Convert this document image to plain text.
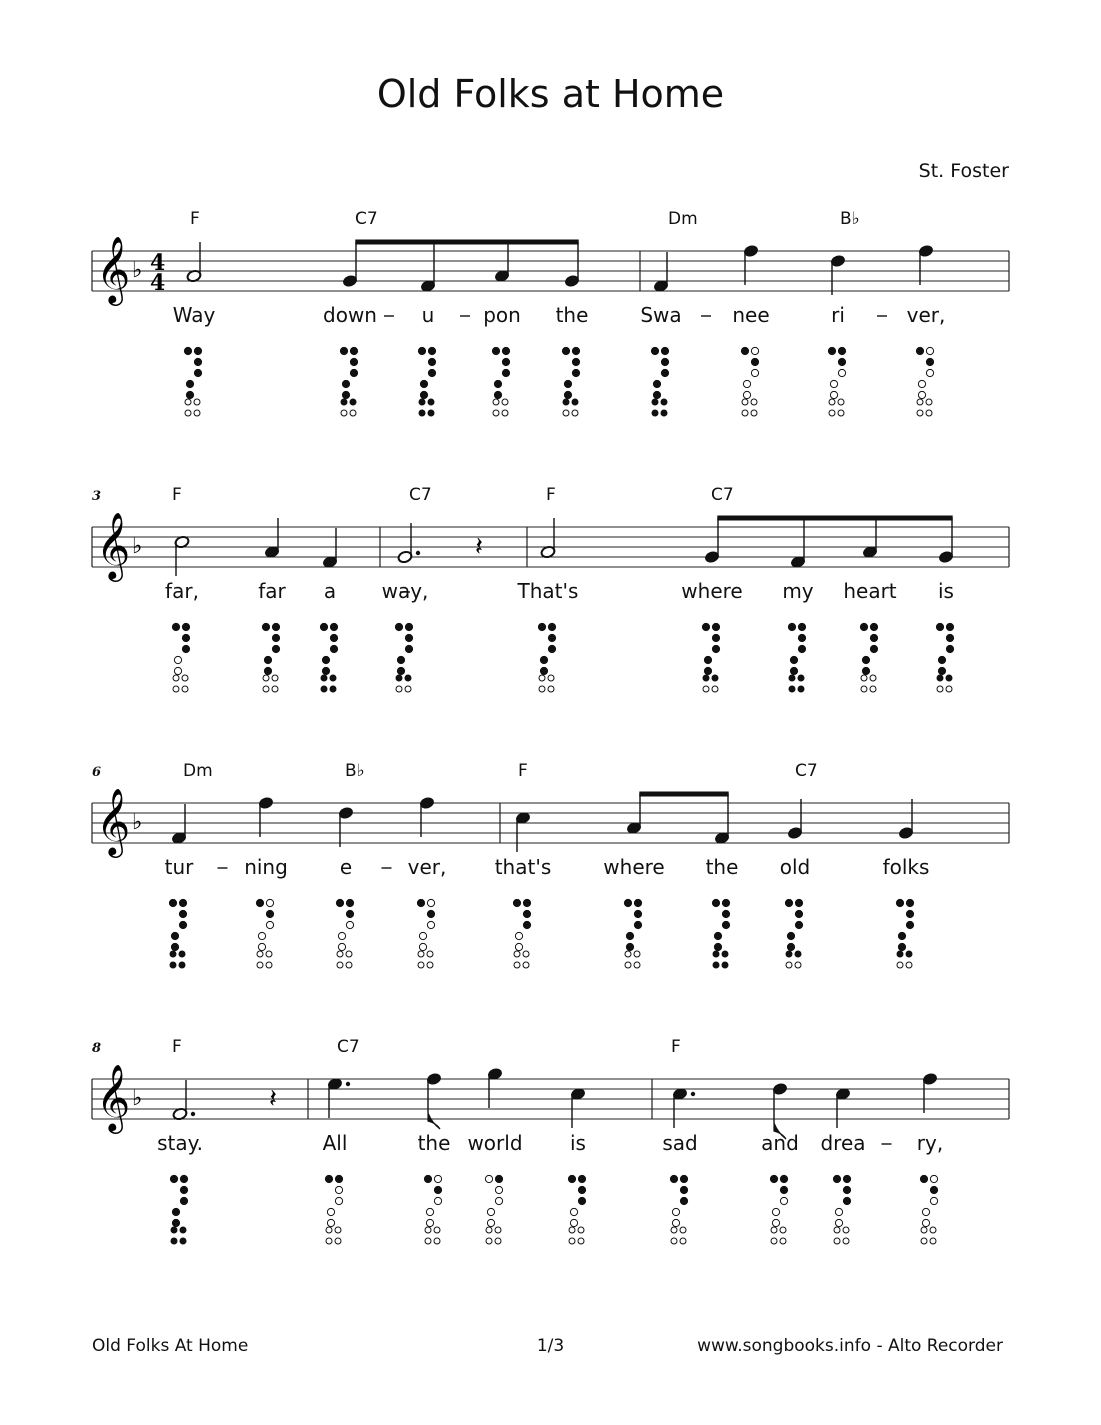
Old Folks at Home
St. Foster
𝄞 ♭ 4
4
F	C7	Dm	B♭
Way	down u pon the	Swa	nee	ri	ver,
𝄞 ♭
3	F	C7	F	C7
far,	far a way,
𝄽
That's	where my heart is
𝄞 ♭
6	Dm	B♭	F	C7
tur	ning	e	ver, that's	where the old	folks
𝄞 ♭
8	F	C7	F
stay.
𝄽
All	the world is	sad	and drea	ry,
Old Folks At Home	1/3	www.songbooks.info - Alto Recorder
